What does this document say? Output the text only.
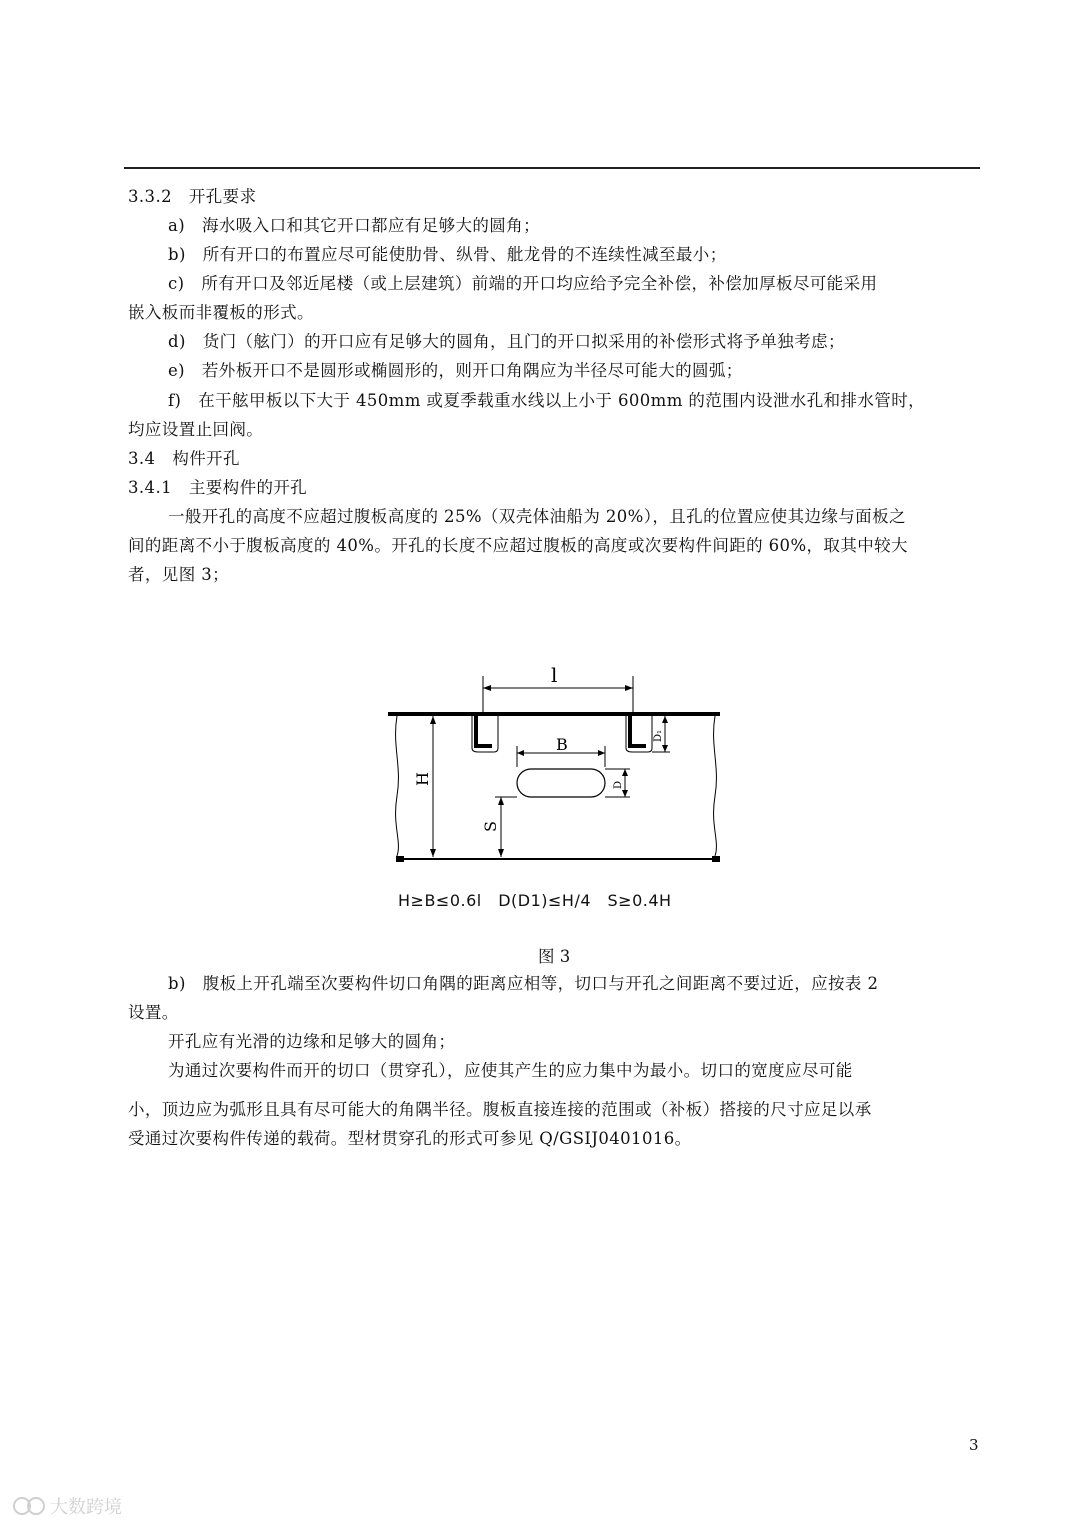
3.3.2　开孔要求
a)　海水吸入口和其它开口都应有足够大的圆角；
b)　所有开口的布置应尽可能使肋骨、纵骨、舭龙骨的不连续性减至最小；
c)　所有开口及邻近尾楼（或上层建筑）前端的开口均应给予完全补偿，补偿加厚板尽可能采用
嵌入板而非覆板的形式。
d)　货门（舷门）的开口应有足够大的圆角，且门的开口拟采用的补偿形式将予单独考虑；
e)　若外板开口不是圆形或椭圆形的，则开口角隅应为半径尽可能大的圆弧；
f)　在干舷甲板以下大于 450mm 或夏季载重水线以上小于 600mm 的范围内设泄水孔和排水管时，
均应设置止回阀。
3.4　构件开孔
3.4.1　主要构件的开孔
一般开孔的高度不应超过腹板高度的 25%（双壳体油船为 20%），且孔的位置应使其边缘与面板之
间的距离不小于腹板高度的 40%。开孔的长度不应超过腹板的高度或次要构件间距的 60%，取其中较大
者，见图 3；
l
B
H
S
D
D₁
H≥B≤0.6l　D(D1)≤H/4　S≥0.4H
图 3
b)　腹板上开孔端至次要构件切口角隅的距离应相等，切口与开孔之间距离不要过近，应按表 2
设置。
开孔应有光滑的边缘和足够大的圆角；
为通过次要构件而开的切口（贯穿孔），应使其产生的应力集中为最小。切口的宽度应尽可能
小，顶边应为弧形且具有尽可能大的角隅半径。腹板直接连接的范围或（补板）搭接的尺寸应足以承
受通过次要构件传递的载荷。型材贯穿孔的形式可参见 Q/GSIJ0401016。
3
大数跨境
